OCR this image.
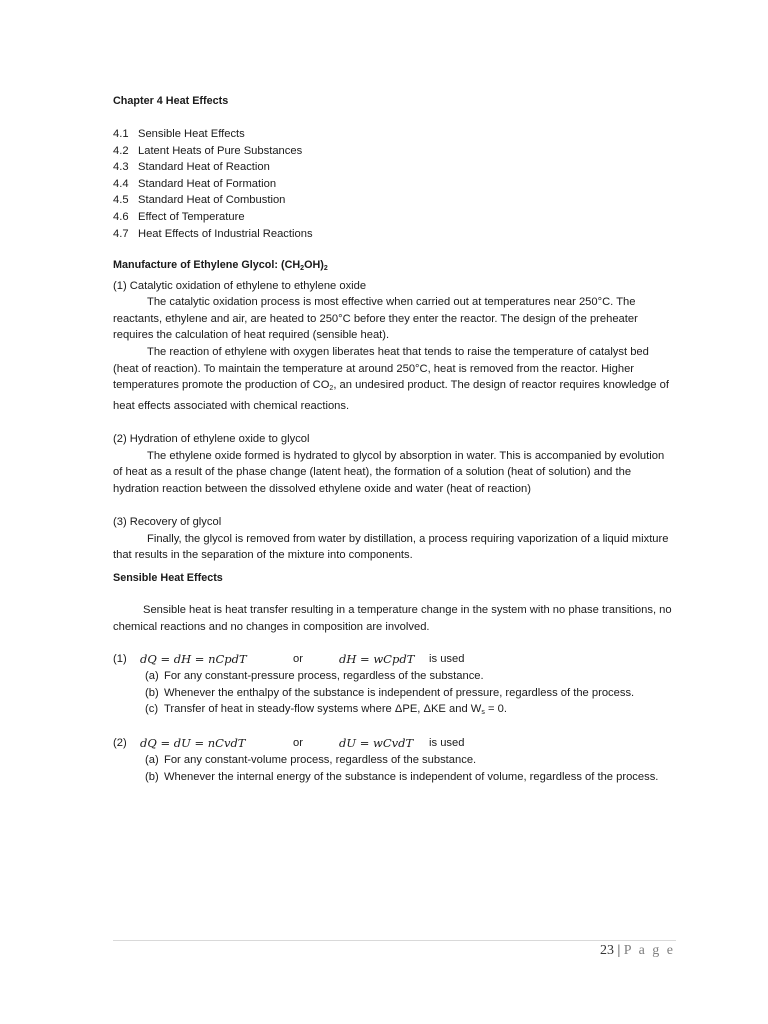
Chapter 4 Heat Effects
4.1 Sensible Heat Effects
4.2 Latent Heats of Pure Substances
4.3 Standard Heat of Reaction
4.4 Standard Heat of Formation
4.5 Standard Heat of Combustion
4.6 Effect of Temperature
4.7 Heat Effects of Industrial Reactions
Manufacture of Ethylene Glycol: $(CH_2OH)_2$
(1) Catalytic oxidation of ethylene to ethylene oxide

The catalytic oxidation process is most effective when carried out at temperatures near 250°C. The reactants, ethylene and air, are heated to 250°C before they enter the reactor. The design of the preheater requires the calculation of heat required (sensible heat).

The reaction of ethylene with oxygen liberates heat that tends to raise the temperature of catalyst bed (heat of reaction). To maintain the temperature at around 250°C, heat is removed from the reactor. Higher temperatures promote the production of $CO_2$, an undesired product. The design of reactor requires knowledge of heat effects associated with chemical reactions.

(2) Hydration of ethylene oxide to glycol

The ethylene oxide formed is hydrated to glycol by absorption in water. This is accompanied by evolution of heat as a result of the phase change (latent heat), the formation of a solution (heat of solution) and the hydration reaction between the dissolved ethylene oxide and water (heat of reaction)

(3) Recovery of glycol

Finally, the glycol is removed from water by distillation, a process requiring vaporization of a liquid mixture that results in the separation of the mixture into components.

Sensible Heat Effects

Sensible heat is heat transfer resulting in a temperature change in the system with no phase transitions, no chemical reactions and no changes in composition are involved.

(1) dQ = dH = nCpdT	or	dH = wCpdT is used
(a) For any constant-pressure process, regardless of the substance.
(b) Whenever the enthalpy of the substance is independent of pressure, regardless of the process.
(c) Transfer of heat in steady-flow systems where ΔPE, ΔKE and $W_s = 0$.
(2) dQ = dU = nCvdT	or	dU = wCvdT is used
(a) For any constant-volume process, regardless of the substance.
(b) Whenever the internal energy of the substance is independent of volume, regardless of the process.
23 | P a g e
